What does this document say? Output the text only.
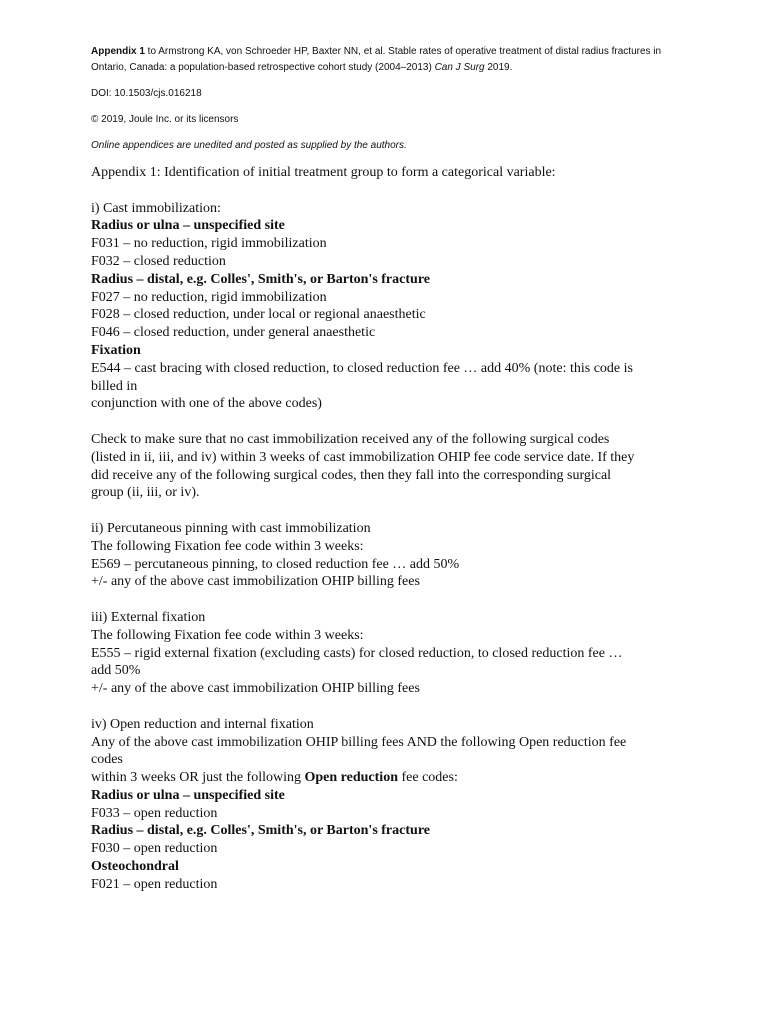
Appendix 1 to Armstrong KA, von Schroeder HP, Baxter NN, et al. Stable rates of operative treatment of distal radius fractures in Ontario, Canada: a population-based retrospective cohort study (2004–2013) Can J Surg 2019.

DOI: 10.1503/cjs.016218

© 2019, Joule Inc. or its licensors

Online appendices are unedited and posted as supplied by the authors.

Appendix 1: Identification of initial treatment group to form a categorical variable:

i) Cast immobilization:

Radius or ulna – unspecified site

F031 – no reduction, rigid immobilization

F032 – closed reduction

Radius – distal, e.g. Colles', Smith's, or Barton's fracture

F027 – no reduction, rigid immobilization

F028 – closed reduction, under local or regional anaesthetic

F046 – closed reduction, under general anaesthetic

Fixation

E544 – cast bracing with closed reduction, to closed reduction fee … add 40% (note: this code is

billed in

conjunction with one of the above codes)

Check to make sure that no cast immobilization received any of the following surgical codes

(listed in ii, iii, and iv) within 3 weeks of cast immobilization OHIP fee code service date. If they

did receive any of the following surgical codes, then they fall into the corresponding surgical

group (ii, iii, or iv).

ii) Percutaneous pinning with cast immobilization

The following Fixation fee code within 3 weeks:

E569 – percutaneous pinning, to closed reduction fee … add 50%

+/- any of the above cast immobilization OHIP billing fees

iii) External fixation

The following Fixation fee code within 3 weeks:

E555 – rigid external fixation (excluding casts) for closed reduction, to closed reduction fee …

add 50%

+/- any of the above cast immobilization OHIP billing fees

iv) Open reduction and internal fixation

Any of the above cast immobilization OHIP billing fees AND the following Open reduction fee

codes

within 3 weeks OR just the following Open reduction fee codes:

Radius or ulna – unspecified site

F033 – open reduction

Radius – distal, e.g. Colles', Smith's, or Barton's fracture

F030 – open reduction

Osteochondral

F021 – open reduction
